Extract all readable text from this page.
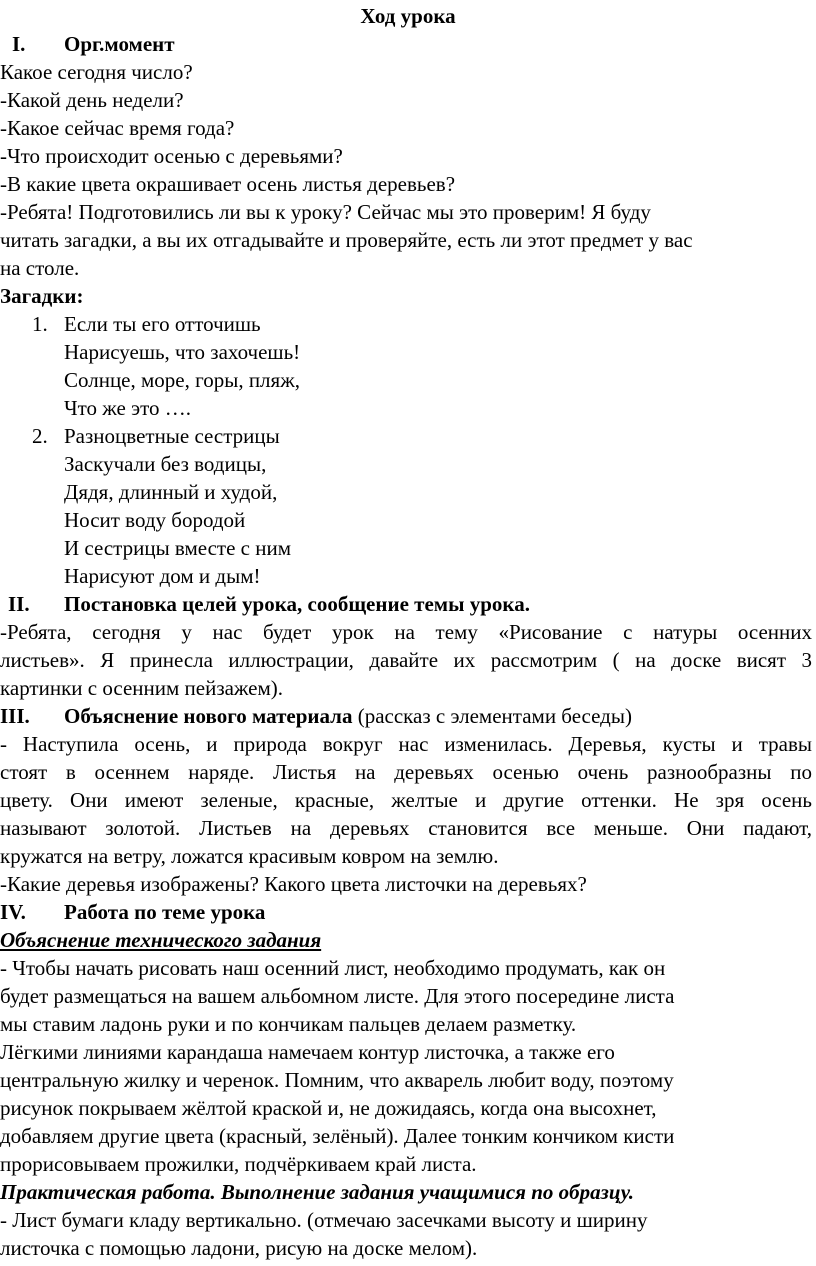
Ход урока
I. Орг.момент
Какое сегодня число?
-Какой день недели?
-Какое сейчас время года?
-Что происходит осенью с деревьями?
-В какие цвета окрашивает осень листья деревьев?
-Ребята! Подготовились ли вы к уроку? Сейчас мы это проверим! Я буду
читать загадки, а вы их отгадывайте и проверяйте, есть ли этот предмет у вас
на столе.
Загадки:
1. Если ты его отточишь
Нарисуешь, что захочешь!
Солнце, море, горы, пляж,
Что же это ….
2. Разноцветные сестрицы
Заскучали без водицы,
Дядя, длинный и худой,
Носит воду бородой
И сестрицы вместе с ним
Нарисуют дом и дым!
II. Постановка целей урока, сообщение темы урока.
-Ребята, сегодня у нас будет урок на тему «Рисование с натуры осенних
листьев». Я принесла иллюстрации, давайте их рассмотрим ( на доске висят 3
картинки с осенним пейзажем).
III. Объяснение нового материала (рассказ с элементами беседы)
- Наступила осень, и природа вокруг нас изменилась. Деревья, кусты и травы
стоят в осеннем наряде. Листья на деревьях осенью очень разнообразны по
цвету. Они имеют зеленые, красные, желтые и другие оттенки. Не зря осень
называют золотой. Листьев на деревьях становится все меньше. Они падают,
кружатся на ветру, ложатся красивым ковром на землю.
-Какие деревья изображены? Какого цвета листочки на деревьях?
IV. Работа по теме урока
Объяснение технического задания
- Чтобы начать рисовать наш осенний лист, необходимо продумать, как он
будет размещаться на вашем альбомном листе. Для этого посередине листа
мы ставим ладонь руки и по кончикам пальцев делаем разметку.
Лёгкими линиями карандаша намечаем контур листочка, а также его
центральную жилку и черенок. Помним, что акварель любит воду, поэтому
рисунок покрываем жёлтой краской и, не дожидаясь, когда она высохнет,
добавляем другие цвета (красный, зелёный). Далее тонким кончиком кисти
прорисовываем прожилки, подчёркиваем край листа.
Практическая работа. Выполнение задания учащимися по образцу.
- Лист бумаги кладу вертикально. (отмечаю засечками высоту и ширину
листочка с помощью ладони, рисую на доске мелом).
